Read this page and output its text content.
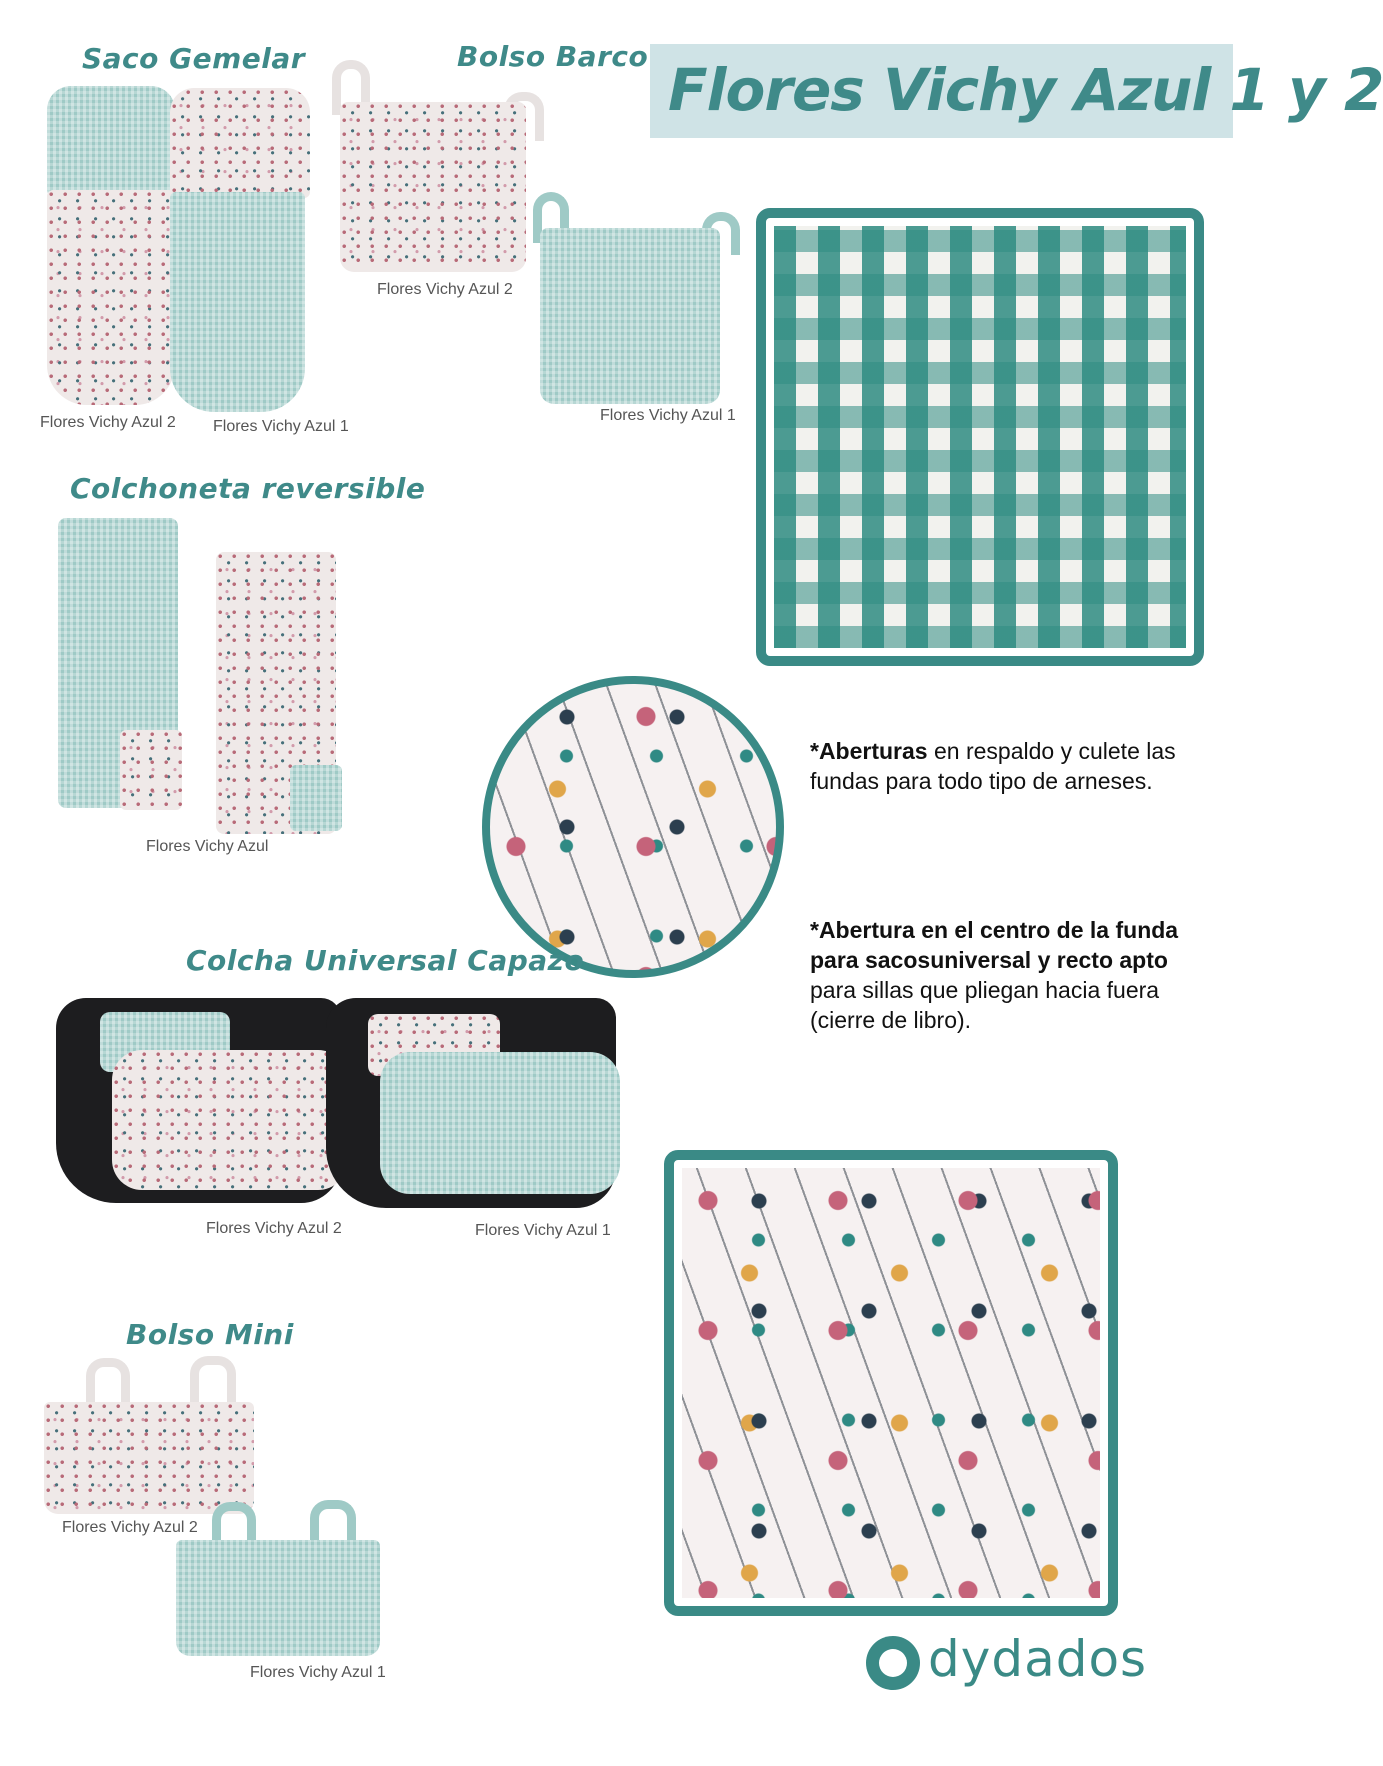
Flores Vichy Azul 1 y 2
Saco Gemelar
Flores Vichy Azul 2 Flores Vichy Azul 1
Bolso Barco
Flores Vichy Azul 2
Flores Vichy Azul 1
Colchoneta reversible
Flores Vichy Azul
*Aberturas en respaldo y culete las fundas para todo tipo de arneses.
*Abertura en el centro de la funda para sacosuniversal y recto apto para sillas que pliegan hacia fuera (cierre de libro).
Colcha Universal Capazo
Flores Vichy Azul 2	Flores Vichy Azul 1
Bolso Mini
Flores Vichy Azul 2
Flores Vichy Azul 1	dydados
